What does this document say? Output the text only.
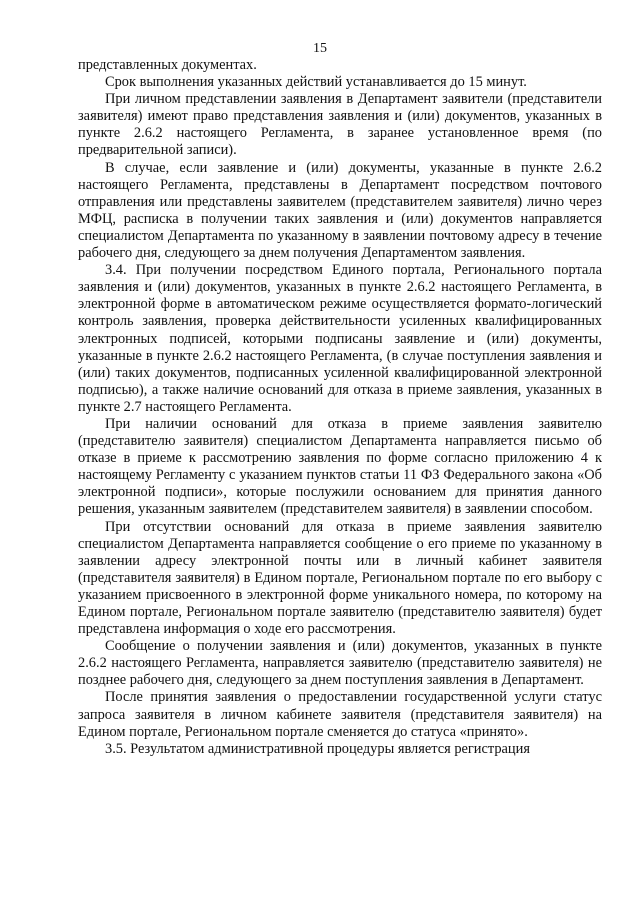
15

представленных документах.

Срок выполнения указанных действий устанавливается до 15 минут.

При личном представлении заявления в Департамент заявители (представители заявителя) имеют право представления заявления и (или) документов, указанных в пункте 2.6.2 настоящего Регламента, в заранее установленное время (по предварительной записи).

В случае, если заявление и (или) документы, указанные в пункте 2.6.2 настоящего Регламента, представлены в Департамент посредством почтового отправления или представлены заявителем (представителем заявителя) лично через МФЦ, расписка в получении таких заявления и (или) документов направляется специалистом Департамента по указанному в заявлении почтовому адресу в течение рабочего дня, следующего за днем получения Департаментом заявления.

3.4. При получении посредством Единого портала, Регионального портала заявления и (или) документов, указанных в пункте 2.6.2 настоящего Регламента, в электронной форме в автоматическом режиме осуществляется формато-логический контроль заявления, проверка действительности усиленных квалифицированных электронных подписей, которыми подписаны заявление и (или) документы, указанные в пункте 2.6.2 настоящего Регламента, (в случае поступления заявления и (или) таких документов, подписанных усиленной квалифицированной электронной подписью), а также наличие оснований для отказа в приеме заявления, указанных в пункте 2.7 настоящего Регламента.

При наличии оснований для отказа в приеме заявления заявителю (представителю заявителя) специалистом Департамента направляется письмо об отказе в приеме к рассмотрению заявления по форме согласно приложению 4 к настоящему Регламенту с указанием пунктов статьи 11 ФЗ Федерального закона «Об электронной подписи», которые послужили основанием для принятия данного решения, указанным заявителем (представителем заявителя) в заявлении способом.

При отсутствии оснований для отказа в приеме заявления заявителю специалистом Департамента направляется сообщение о его приеме по указанному в заявлении адресу электронной почты или в личный кабинет заявителя (представителя заявителя) в Едином портале, Региональном портале по его выбору с указанием присвоенного в электронной форме уникального номера, по которому на Едином портале, Региональном портале заявителю (представителю заявителя) будет представлена информация о ходе его рассмотрения.

Сообщение о получении заявления и (или) документов, указанных в пункте 2.6.2 настоящего Регламента, направляется заявителю (представителю заявителя) не позднее рабочего дня, следующего за днем поступления заявления в Департамент.

После принятия заявления о предоставлении государственной услуги статус запроса заявителя в личном кабинете заявителя (представителя заявителя) на Едином портале, Региональном портале сменяется до статуса «принято».

3.5. Результатом административной процедуры является регистрация
